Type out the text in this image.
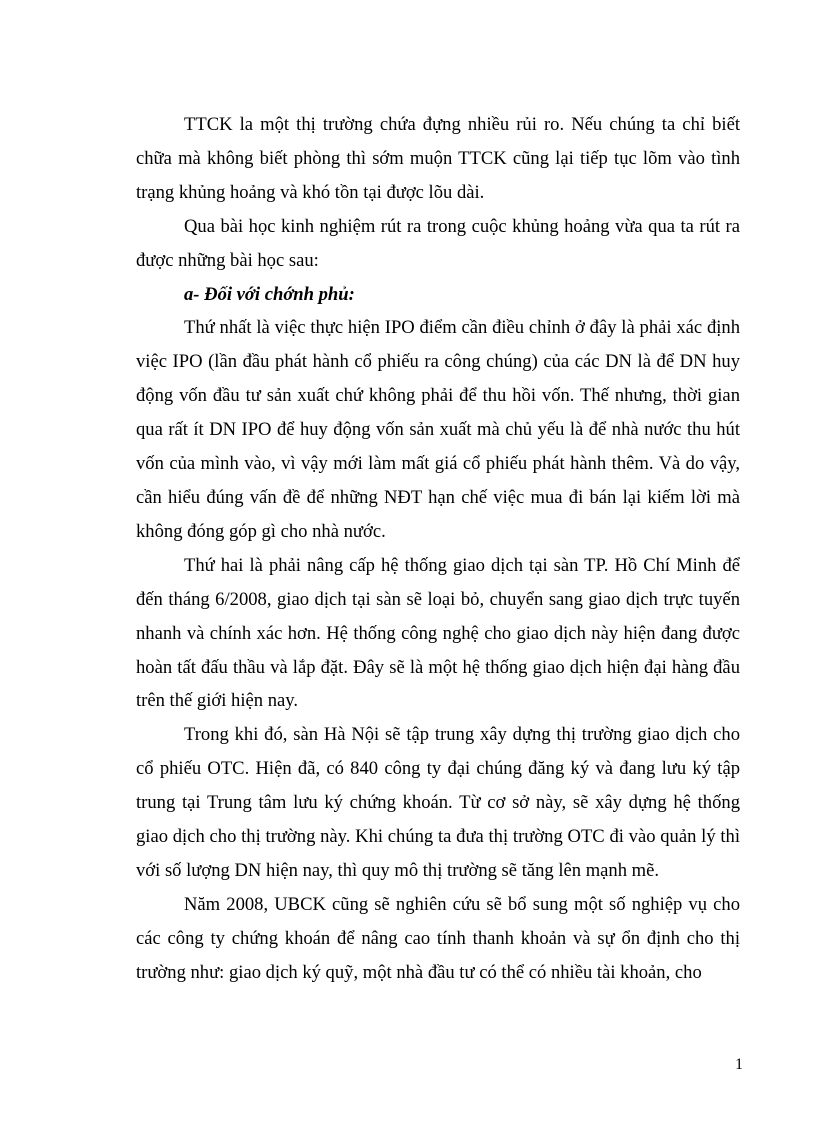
TTCK la một thị trường chứa đựng nhiều rủi ro. Nếu chúng ta chỉ biết chữa mà không biết phòng thì sớm muộn TTCK cũng lại tiếp tục lõm vào tình trạng khủng hoảng và khó tồn tại được lõu dài.

Qua bài học kinh nghiệm rút ra trong cuộc khủng hoảng vừa qua ta rút ra được những bài học sau:

a- Đối với chớnh phủ:

Thứ nhất là việc thực hiện IPO điểm cần điều chỉnh ở đây là phải xác định việc IPO (lần đầu phát hành cổ phiếu ra công chúng) của các DN là để DN huy động vốn đầu tư sản xuất chứ không phải để thu hồi vốn. Thế nhưng, thời gian qua rất ít DN IPO để huy động vốn sản xuất mà chủ yếu là để nhà nước thu hút vốn của mình vào, vì vậy mới làm mất giá cổ phiếu phát hành thêm. Và do vậy, cần hiểu đúng vấn đề để những NĐT hạn chế việc mua đi bán lại kiếm lời mà không đóng góp gì cho nhà nước.

Thứ hai là phải nâng cấp hệ thống giao dịch tại sàn TP. Hồ Chí Minh để đến tháng 6/2008, giao dịch tại sàn sẽ loại bỏ, chuyển sang giao dịch trực tuyến nhanh và chính xác hơn. Hệ thống công nghệ cho giao dịch này hiện đang được hoàn tất đấu thầu và lắp đặt. Đây sẽ là một hệ thống giao dịch hiện đại hàng đầu trên thế giới hiện nay.

Trong khi đó, sàn Hà Nội sẽ tập trung xây dựng thị trường giao dịch cho cổ phiếu OTC. Hiện đã, có 840 công ty đại chúng đăng ký và đang lưu ký tập trung tại Trung tâm lưu ký chứng khoán. Từ cơ sở này, sẽ xây dựng hệ thống giao dịch cho thị trường này. Khi chúng ta đưa thị trường OTC đi vào quản lý thì với số lượng DN hiện nay, thì quy mô thị trường sẽ tăng lên mạnh mẽ.

Năm 2008, UBCK cũng sẽ nghiên cứu sẽ bổ sung một số nghiệp vụ cho các công ty chứng khoán để nâng cao tính thanh khoản và sự ổn định cho thị trường như: giao dịch ký quỹ, một nhà đầu tư có thể có nhiều tài khoản, cho

1
